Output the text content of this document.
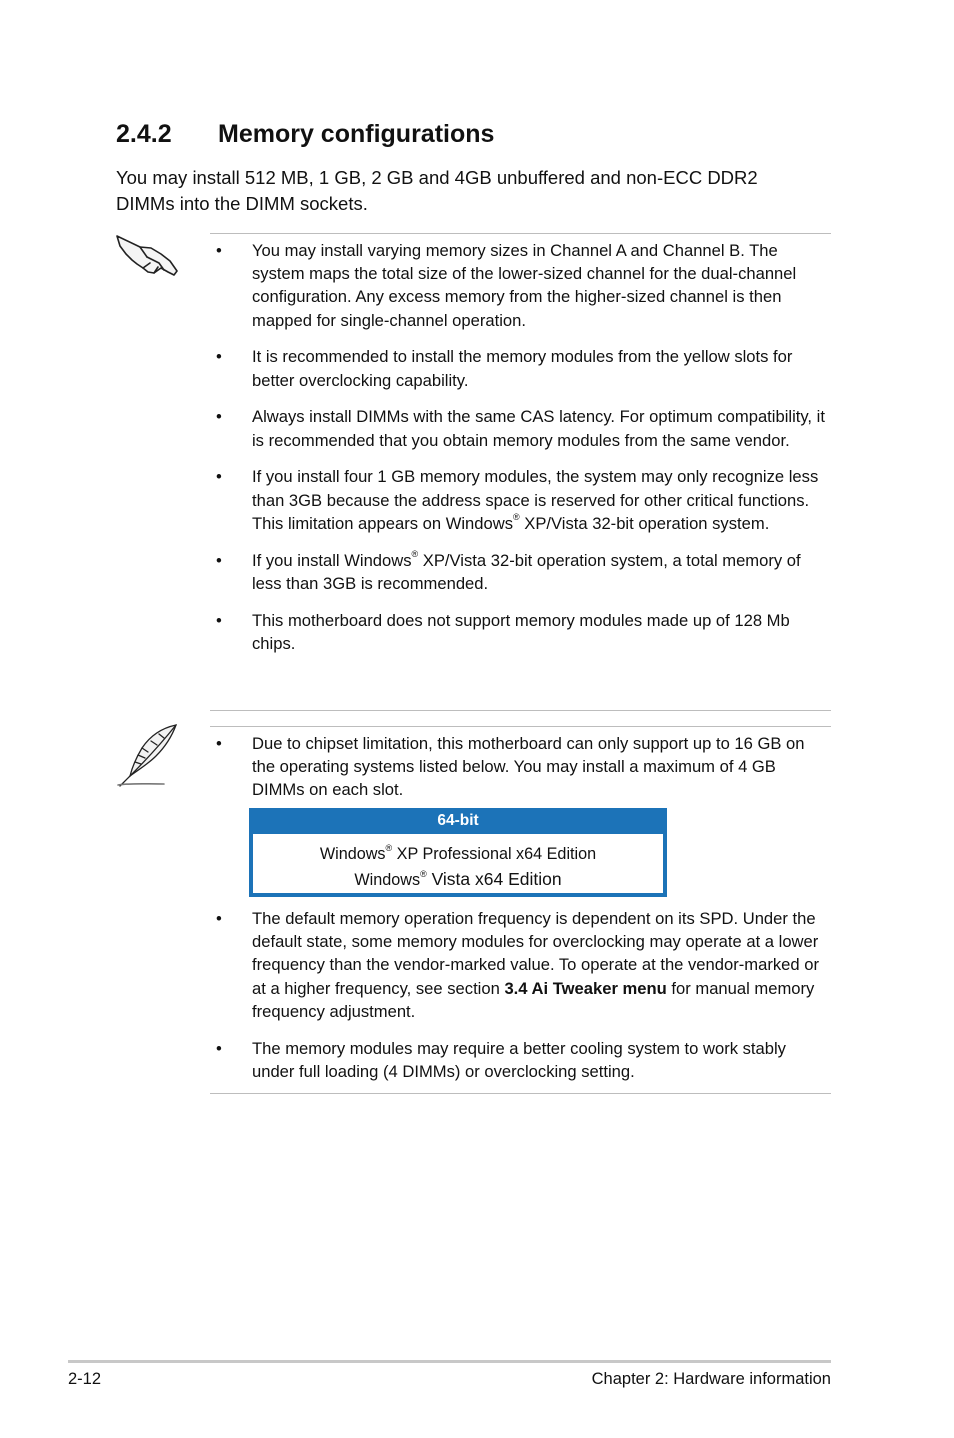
2.4.2 Memory configurations
You may install 512 MB, 1 GB, 2 GB and 4GB unbuffered and non-ECC DDR2 DIMMs into the DIMM sockets.
• You may install varying memory sizes in Channel A and Channel B. The system maps the total size of the lower-sized channel for the dual-channel configuration. Any excess memory from the higher-sized channel is then mapped for single-channel operation.
• It is recommended to install the memory modules from the yellow slots for better overclocking capability.
• Always install DIMMs with the same CAS latency. For optimum compatibility, it is recommended that you obtain memory modules from the same vendor.
• If you install four 1 GB memory modules, the system may only recognize less than 3GB because the address space is reserved for other critical functions. This limitation appears on Windows® XP/Vista 32-bit operation system.
• If you install Windows® XP/Vista 32-bit operation system, a total memory of less than 3GB is recommended.
• This motherboard does not support memory modules made up of 128 Mb chips.
• Due to chipset limitation, this motherboard can only support up to 16 GB on the operating systems listed below. You may install a maximum of 4 GB DIMMs on each slot.
64-bit
Windows® XP Professional x64 Edition
Windows® Vista x64 Edition
• The default memory operation frequency is dependent on its SPD. Under the default state, some memory modules for overclocking may operate at a lower frequency than the vendor-marked value. To operate at the vendor-marked or at a higher frequency, see section 3.4 Ai Tweaker menu for manual memory frequency adjustment.
• The memory modules may require a better cooling system to work stably under full loading (4 DIMMs) or overclocking setting.
2-12	Chapter 2: Hardware information
